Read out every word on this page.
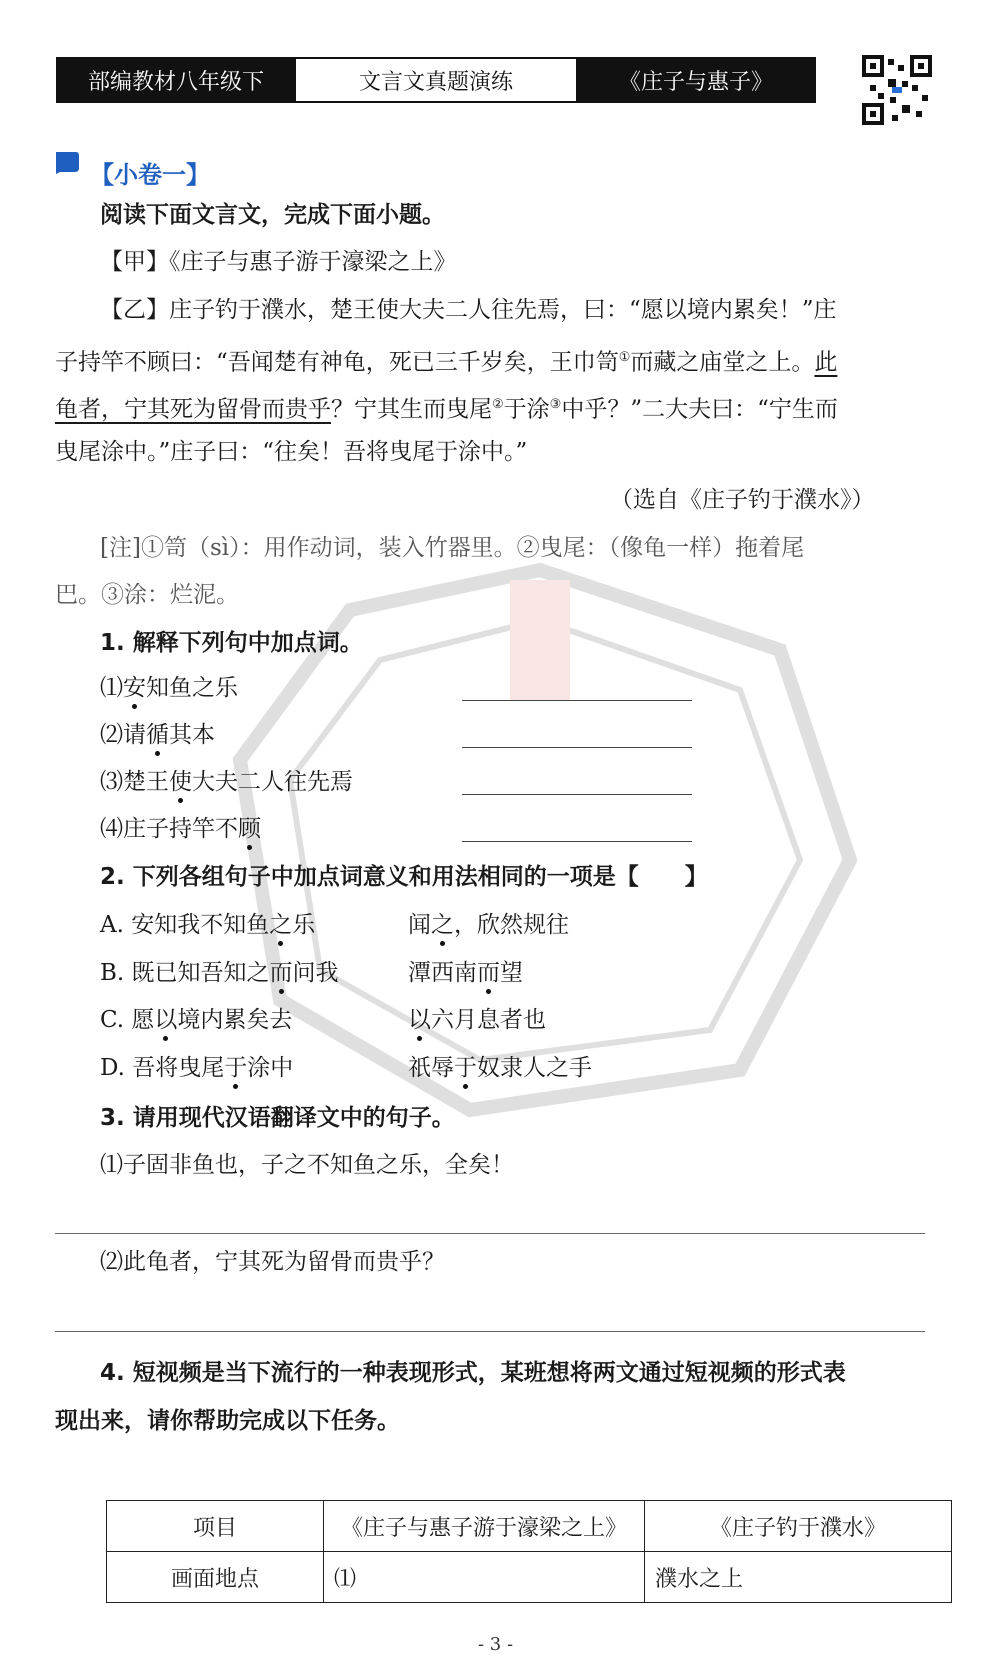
部编教材八年级下	文言文真题演练	《庄子与惠子》
【小卷一】
阅读下面文言文，完成下面小题。
【甲】《庄子与惠子游于濠梁之上》
【乙】庄子钓于濮水，楚王使大夫二人往先焉，曰：“愿以境内累矣！”庄
子持竿不顾曰：“吾闻楚有神龟，死已三千岁矣，王巾笥①而藏之庙堂之上。此
龟者，宁其死为留骨而贵乎？宁其生而曳尾②于涂③中乎？”二大夫曰：“宁生而
曳尾涂中。”庄子曰：“往矣！吾将曳尾于涂中。”
（选自《庄子钓于濮水》）
[注]①笥（sì）：用作动词，装入竹器里。②曳尾：（像龟一样）拖着尾
巴。③涂：烂泥。
1. 解释下列句中加点词。
⑴安知鱼之乐
⑵请循其本
⑶楚王使大夫二人往先焉
⑷庄子持竿不顾
2. 下列各组句子中加点词意义和用法相同的一项是【　　】
A. 安知我不知鱼之乐	闻之，欣然规往
B. 既已知吾知之而问我	潭西南而望
C. 愿以境内累矣去	以六月息者也
D. 吾将曳尾于涂中	祇辱于奴隶人之手
3. 请用现代汉语翻译文中的句子。
⑴子固非鱼也，子之不知鱼之乐，全矣！
⑵此龟者，宁其死为留骨而贵乎？
4. 短视频是当下流行的一种表现形式，某班想将两文通过短视频的形式表
现出来，请你帮助完成以下任务。
项目	《庄子与惠子游于濠梁之上》	《庄子钓于濮水》
画面地点	⑴	濮水之上
- 3 -
